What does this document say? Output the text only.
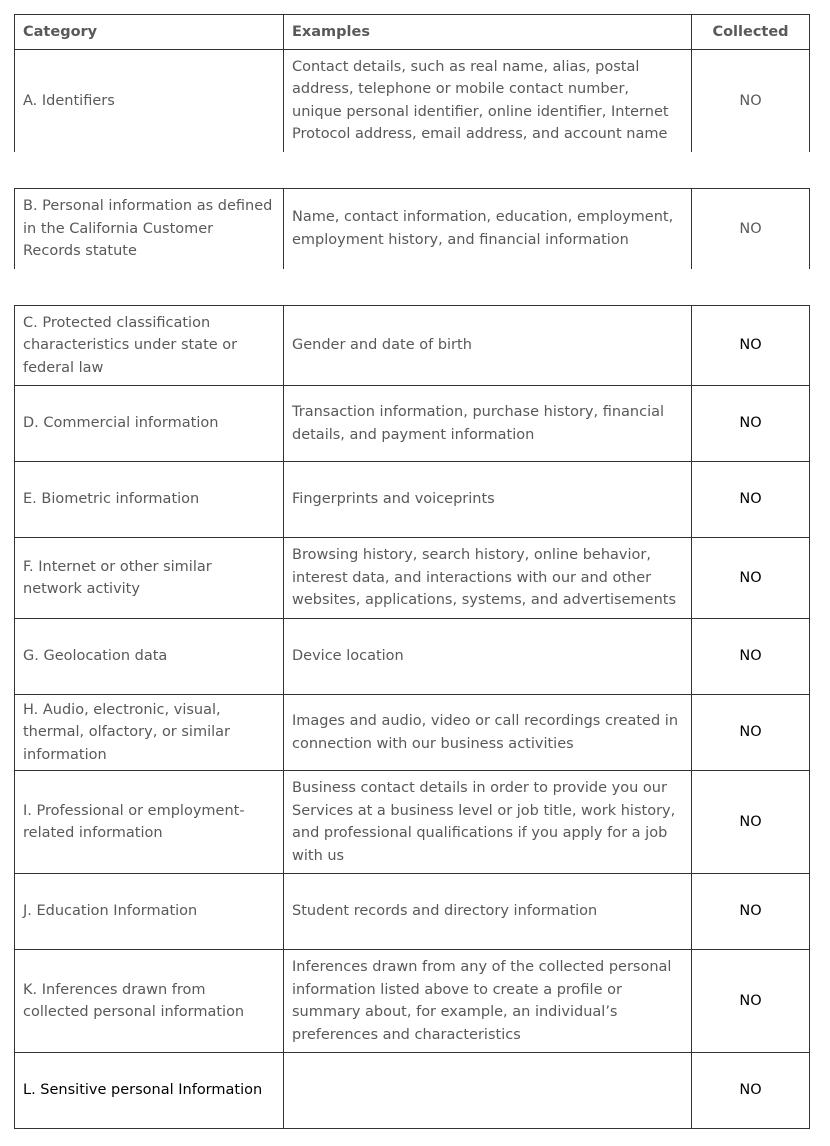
Category	Examples	Collected
A. Identifiers	Contact details, such as real name, alias, postal address, telephone or mobile contact number, unique personal identifier, online identifier, Internet Protocol address, email address, and account name	NO
B. Personal information as defined in the California Customer Records statute	Name, contact information, education, employment, employment history, and financial information	NO
C. Protected classification characteristics under state or federal law	Gender and date of birth	NO
D. Commercial information	Transaction information, purchase history, financial details, and payment information	NO
E. Biometric information	Fingerprints and voiceprints	NO
F. Internet or other similar network activity	Browsing history, search history, online behavior, interest data, and interactions with our and other websites, applications, systems, and advertisements	NO
G. Geolocation data	Device location	NO
H. Audio, electronic, visual, thermal, olfactory, or similar information	Images and audio, video or call recordings created in connection with our business activities	NO
I. Professional or employment-related information	Business contact details in order to provide you our Services at a business level or job title, work history, and professional qualifications if you apply for a job with us	NO
J. Education Information	Student records and directory information	NO
K. Inferences drawn from collected personal information	Inferences drawn from any of the collected personal information listed above to create a profile or summary about, for example, an individual’s preferences and characteristics	NO
L. Sensitive personal Information		NO
